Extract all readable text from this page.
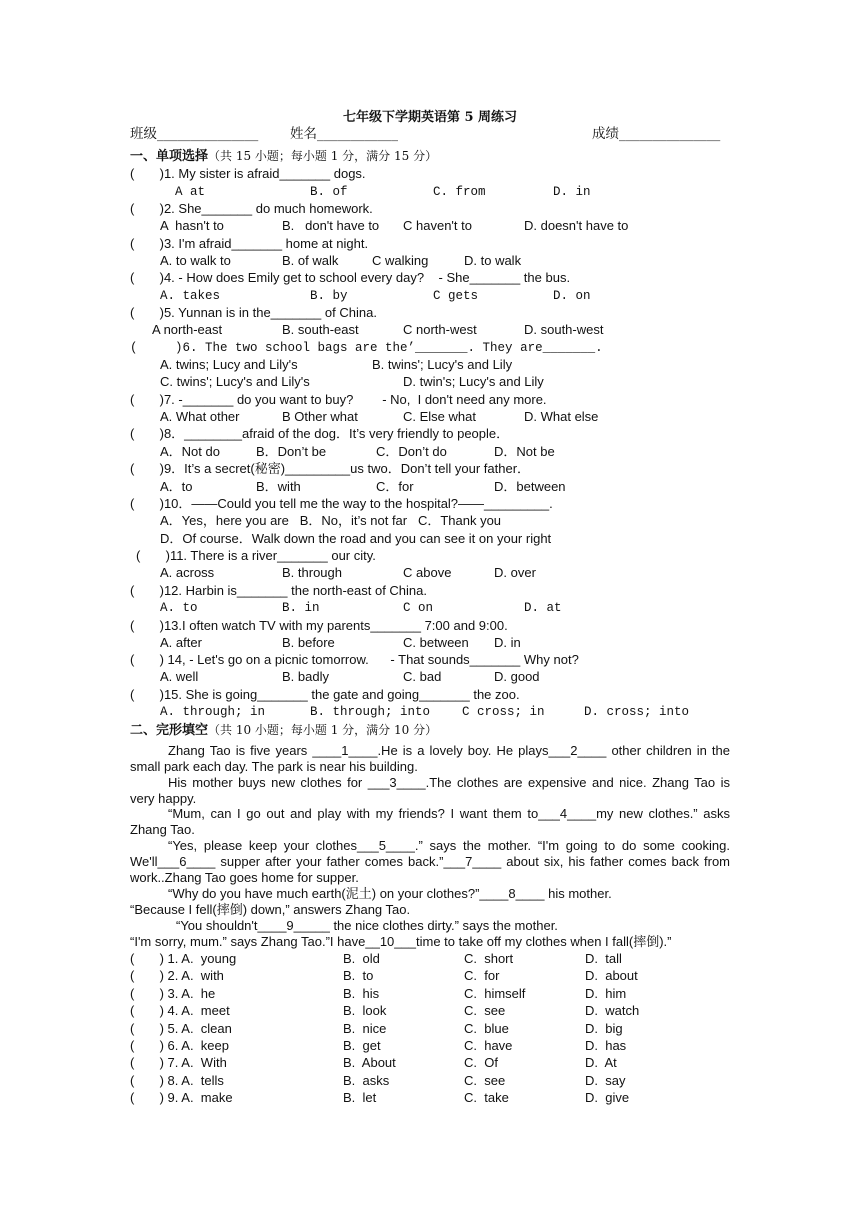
七年级下学期英语第 5 周练习
班级_______________ 姓名____________	成绩_______________
一、单项选择（共 15 小题；每小题 1 分，满分 15 分）
(       )1. My sister is afraid_______ dogs.
A at	B. of	C. from	D. in
(       )2. She_______ do much homework.
A  hasn't to	B.   don't have to C haven't to	D. doesn't have to
(       )3. I'm afraid_______ home at night.
A. to walk to	B. of walk	C walking	D. to walk
(       )4. - How does Emily get to school every day?    - She_______ the bus.
A. takes	B. by	C gets	D. on
(       )5. Yunnan is in the_______ of China.
A north-east	B. south-east	C north-west	D. south-west
(     )6. The two school bags are the’_______. They are_______.
A. twins; Lucy and Lily's	B. twins'; Lucy's and Lily
C. twins'; Lucy's and Lily's	D. twin's; Lucy's and Lily
(       )7. -_______ do you want to buy?        - No,  I don't need any more.
A. What other	B Other what	C. Else what	D. What else
(       )8．________afraid of the dog．It’s very friendly to people．
A．Not do	B．Don’t be	C．Don’t do	D．Not be
(       )9．It’s a secret(秘密)_________us two．Don’t tell your father．
A．to	B．with	C．for	D．between
(       )10．——Could you tell me the way to the hospital?——_________.
A．Yes，here you are   B．No，it’s not far   C．Thank you
D．Of course．Walk down the road and you can see it on your right
(       )11. There is a river_______ our city.
A. across	B. through	C above	D. over
(       )12. Harbin is_______ the north-east of China.
A. to	B. in	C on	D. at
(       )13.I often watch TV with my parents_______ 7:00 and 9:00.
A. after	B. before	C. between D. in
(       ) 14, - Let's go on a picnic tomorrow.      - That sounds_______ Why not?
A. well	B. badly	C. bad	D. good
(       )15. She is going_______ the gate and going_______ the zoo.
A. through; in	B. through; into	C cross; in	D. cross; into
二、完形填空（共 10 小题；每小题 1 分，满分 10 分）
Zhang Tao is five years ____1____.He is a lovely boy. He plays___2____ other children in the small park each day. The park is near his building.
His mother buys new clothes for ___3____.The clothes are expensive and nice. Zhang Tao is very happy.
“Mum, can I go out and play with my friends? I want them to___4____my new clothes.” asks Zhang Tao.
“Yes, please keep your clothes___5____.” says the mother. “I'm going to do some cooking. We'll___6____ supper after your father comes back.”___7____ about six, his father comes back from work..Zhang Tao goes home for supper.
“Why do you have much earth(泥土) on your clothes?”____8____ his mother.
“Because I fell(摔倒) down,” answers Zhang Tao.
“You shouldn't____9_____ the nice clothes dirty.” says the mother.
“I'm sorry, mum.” says Zhang Tao.”I have__10___time to take off my clothes when I fall(摔倒).”
(       ) 1. A.  young	B.  old	C.  short	D.  tall
(       ) 2. A.  with	B.  to	C.  for	D.  about
(       ) 3. A.  he	B.  his	C.  himself	D.  him
(       ) 4. A.  meet	B.  look	C.  see	D.  watch
(       ) 5. A.  clean	B.  nice	C.  blue	D.  big
(       ) 6. A.  keep	B.  get	C.  have	D.  has
(       ) 7. A.  With	B.  About	C.  Of	D.  At
(       ) 8. A.  tells	B.  asks	C.  see	D.  say
(       ) 9. A.  make	B.  let	C.  take	D.  give
